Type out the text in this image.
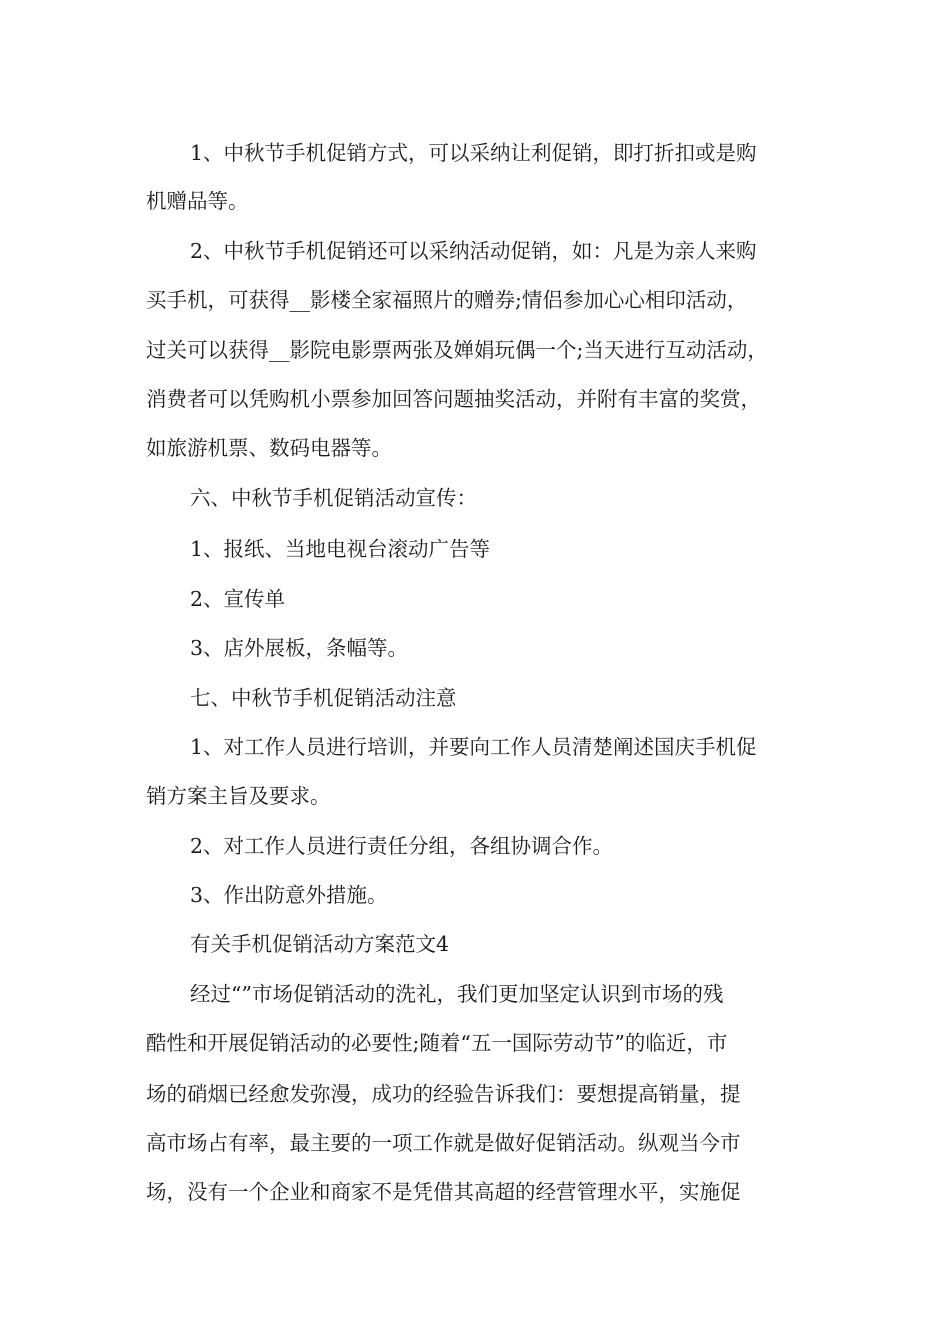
1、中秋节手机促销方式，可以采纳让利促销，即打折扣或是购
机赠品等。
2、中秋节手机促销还可以采纳活动促销，如：凡是为亲人来购
买手机，可获得__影楼全家福照片的赠券;情侣参加心心相印活动，
过关可以获得__影院电影票两张及婵娟玩偶一个;当天进行互动活动，
消费者可以凭购机小票参加回答问题抽奖活动，并附有丰富的奖赏，
如旅游机票、数码电器等。
六、中秋节手机促销活动宣传：
1、报纸、当地电视台滚动广告等
2、宣传单
3、店外展板，条幅等。
七、中秋节手机促销活动注意
1、对工作人员进行培训，并要向工作人员清楚阐述国庆手机促
销方案主旨及要求。
2、对工作人员进行责任分组，各组协调合作。
3、作出防意外措施。
有关手机促销活动方案范文4
经过“”市场促销活动的洗礼，我们更加坚定认识到市场的残
酷性和开展促销活动的必要性;随着“五一国际劳动节”的临近，市
场的硝烟已经愈发弥漫，成功的经验告诉我们：要想提高销量，提
高市场占有率，最主要的一项工作就是做好促销活动。纵观当今市
场，没有一个企业和商家不是凭借其高超的经营管理水平，实施促
